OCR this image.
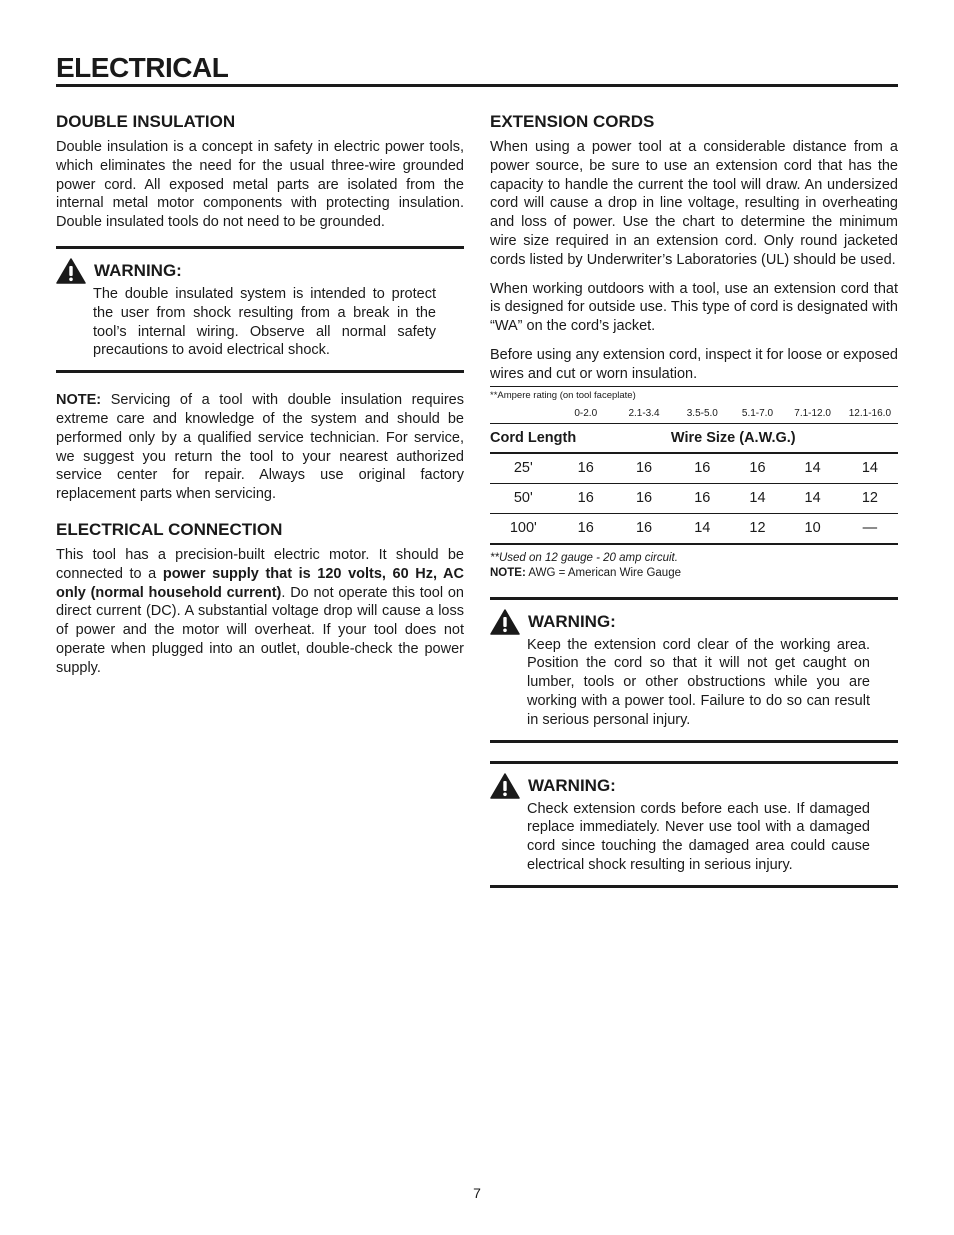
ELECTRICAL
DOUBLE INSULATION

Double insulation is a concept in safety in electric power tools, which eliminates the need for the usual three-wire grounded power cord. All exposed metal parts are isolated from the internal metal motor components with protecting insulation. Double insulated tools do not need to be grounded.

WARNING:
The double insulated system is intended to protect the user from shock resulting from a break in the tool’s internal wiring. Observe all normal safety precautions to avoid electrical shock.

NOTE: Servicing of a tool with double insulation requires extreme care and knowledge of the system and should be performed only by a qualified service technician. For service, we suggest you return the tool to your nearest authorized service center for repair. Always use original factory replacement parts when servicing.

ELECTRICAL CONNECTION

This tool has a precision-built electric motor. It should be connected to a power supply that is 120 volts, 60 Hz, AC only (normal household current). Do not operate this tool on direct current (DC). A substantial voltage drop will cause a loss of power and the motor will overheat. If your tool does not operate when plugged into an outlet, double-check the power supply.

EXTENSION CORDS

When using a power tool at a considerable distance from a power source, be sure to use an extension cord that has the capacity to handle the current the tool will draw. An undersized cord will cause a drop in line voltage, resulting in overheating and loss of power. Use the chart to determine the minimum wire size required in an extension cord. Only round jacketed cords listed by Underwriter’s Laboratories (UL) should be used.

When working outdoors with a tool, use an extension cord that is designed for outside use. This type of cord is designated with “WA” on the cord’s jacket.

Before using any extension cord, inspect it for loose or exposed wires and cut or worn insulation.

**Ampere rating (on tool faceplate)						
	0-2.0	2.1-3.4	3.5-5.0	5.1-7.0	7.1-12.0	12.1-16.0
Cord Length		Wire Size (A.W.G.)				
25'	16	16	16	16	14	14
50'	16	16	16	14	14	12
100'	16	16	14	12	10	—
**Used on 12 gauge - 20 amp circuit.
NOTE: AWG = American Wire Gauge
WARNING:
Keep the extension cord clear of the working area. Position the cord so that it will not get caught on lumber, tools or other obstructions while you are working with a power tool. Failure to do so can result in serious personal injury.
WARNING:
Check extension cords before each use. If damaged replace immediately. Never use tool with a damaged cord since touching the damaged area could cause electrical shock resulting in serious injury.
7
